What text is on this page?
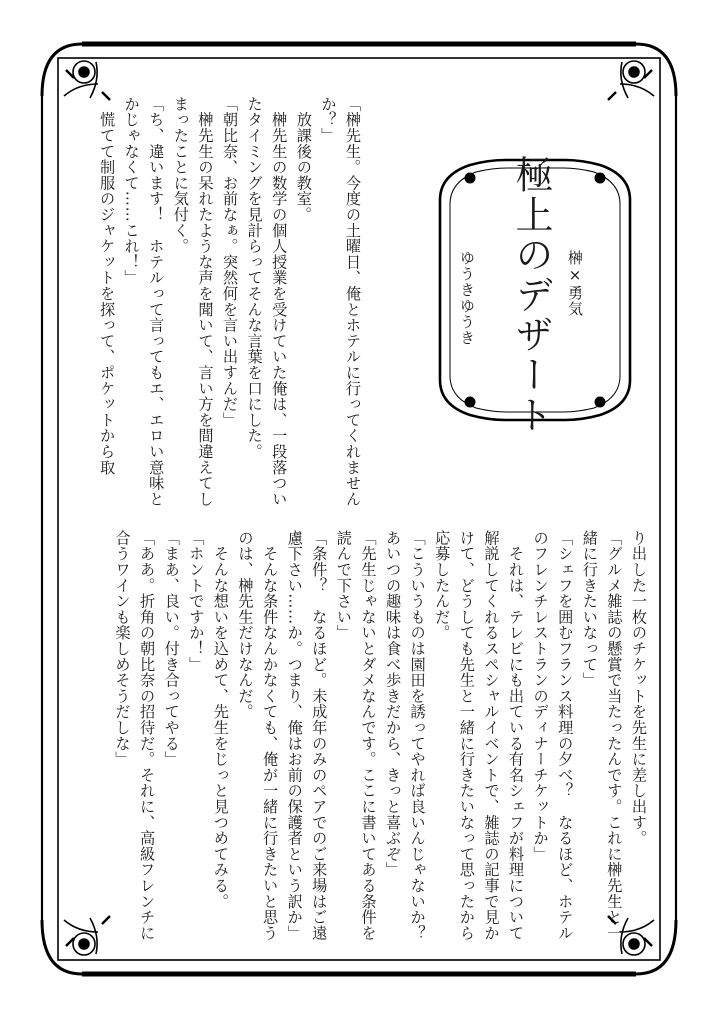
極上のデザート 榊×勇気

ゆうきゆうき

「榊先生。今度の土曜日、俺とホテルに行ってくれませんか？」

　放課後の教室。

　榊先生の数学の個人授業を受けていた俺は、一段落ついたタイミングを見計らってそんな言葉を口にした。

「朝比奈、お前なぁ。突然何を言い出すんだ」

　榊先生の呆れたような声を聞いて、言い方を間違えてしまったことに気付く。

「ち、違います！　ホテルって言ってもエ、エロい意味とかじゃなくて……これ！」

　慌てて制服のジャケットを探って、ポケットから取

り出した一枚のチケットを先生に差し出す。

「グルメ雑誌の懸賞で当たったんです。これに榊先生と一緒に行きたいなって」

「シェフを囲むフランス料理の夕べ？　なるほど、ホテルのフレンチレストランのディナーチケットか」

　それは、テレビにも出ている有名シェフが料理について解説してくれるスペシャルイベントで、雑誌の記事で見かけて、どうしても先生と一緒に行きたいなって思ったから応募したんだ。

「こういうものは園田を誘ってやれば良いんじゃないか？あいつの趣味は食べ歩きだから、きっと喜ぶぞ」

「先生じゃないとダメなんです。ここに書いてある条件を読んで下さい」

「条件？　なるほど。未成年のみのペアでのご来場はご遠慮下さい……か。つまり、俺はお前の保護者という訳か」

　そんな条件なんかなくても、俺が一緒に行きたいと思うのは、榊先生だけなんだ。

　そんな想いを込めて、先生をじっと見つめてみる。

「ホントですか！」

「まあ、良い。付き合ってやる」

「ああ。折角の朝比奈の招待だ。それに、高級フレンチに合うワインも楽しめそうだしな」
